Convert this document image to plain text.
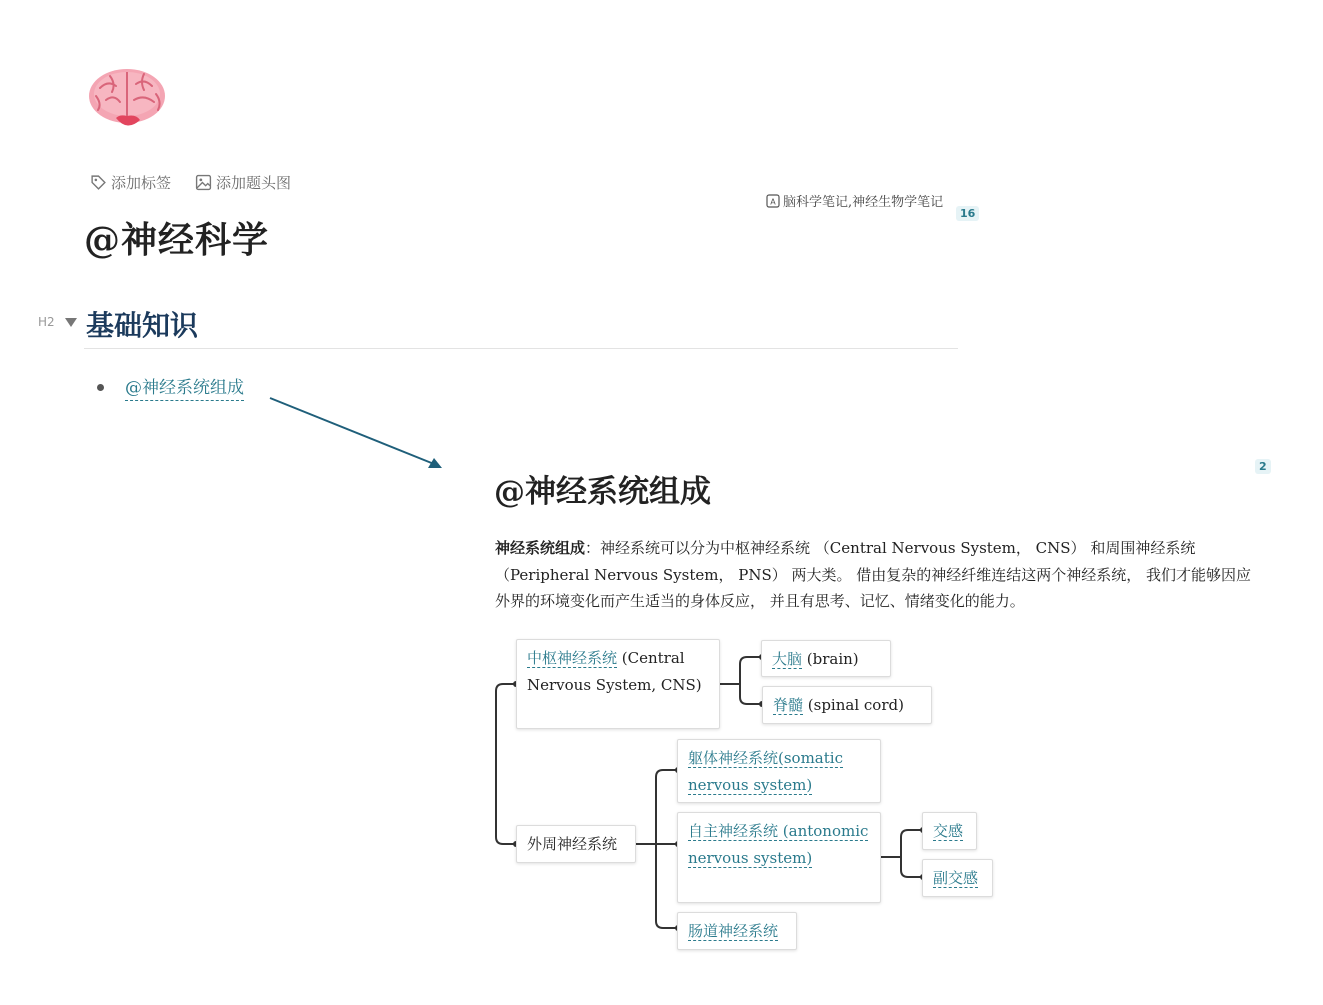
添加标签	添加题头图
A 脑科学笔记,神经生物学笔记
16
@神经科学
H2 基础知识
@神经系统组成
2
@神经系统组成

神经系统组成：神经系统可以分为中枢神经系统 （Central Nervous System， CNS） 和周围神经系统 （Peripheral Nervous System， PNS） 两大类。 借由复杂的神经纤维连结这两个神经系统， 我们才能够因应外界的环境变化而产生适当的身体反应， 并且有思考、记忆、情绪变化的能力。

中枢神经系统 (Central Nervous System, CNS)
大脑 (brain)
脊髓 (spinal cord)
外周神经系统
躯体神经系统(somatic nervous system)
自主神经系统 (antonomic nervous system)
肠道神经系统
交感
副交感
